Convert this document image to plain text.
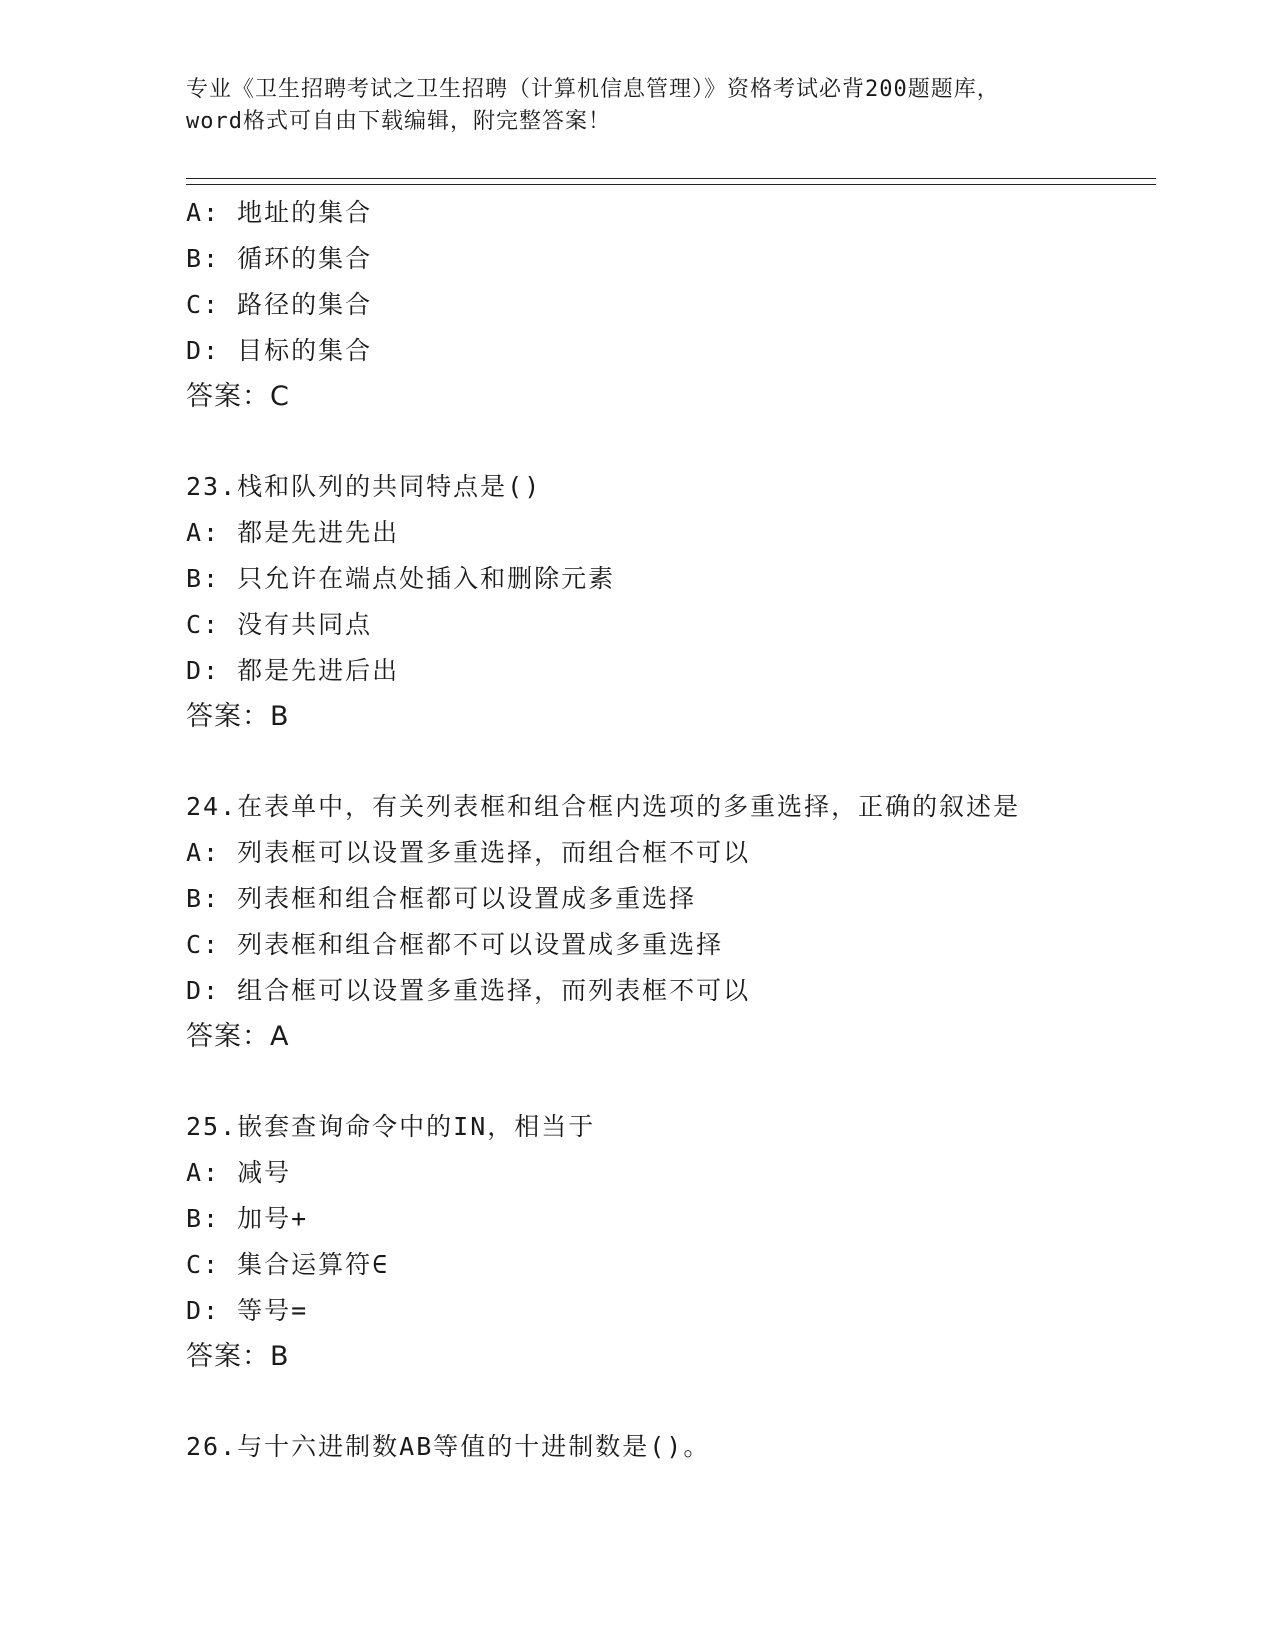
专业《卫生招聘考试之卫生招聘（计算机信息管理）》资格考试必背200题题库，
word格式可自由下载编辑，附完整答案！
A: 地址的集合
B: 循环的集合
C: 路径的集合
D: 目标的集合
答案：C
23.栈和队列的共同特点是()
A: 都是先进先出
B: 只允许在端点处插入和删除元素
C: 没有共同点
D: 都是先进后出
答案：B
24.在表单中，有关列表框和组合框内选项的多重选择，正确的叙述是
A: 列表框可以设置多重选择，而组合框不可以
B: 列表框和组合框都可以设置成多重选择
C: 列表框和组合框都不可以设置成多重选择
D: 组合框可以设置多重选择，而列表框不可以
答案：A
25.嵌套查询命令中的IN，相当于
A: 减号
B: 加号+
C: 集合运算符∈
D: 等号=
答案：B
26.与十六进制数AB等值的十进制数是()。
